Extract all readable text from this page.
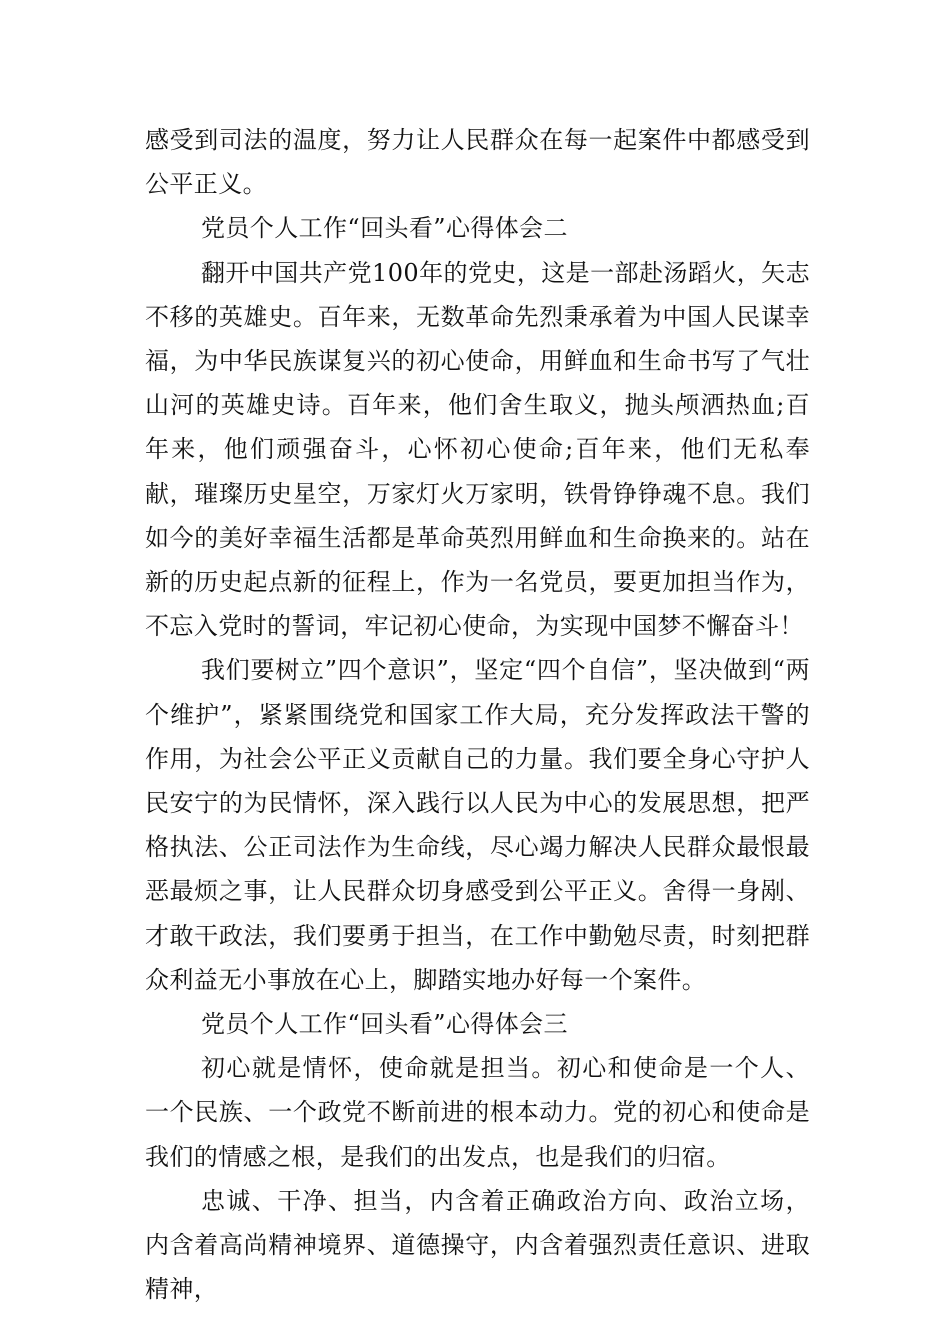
感受到司法的温度，努力让人民群众在每一起案件中都感受到公平正义。

党员个人工作“回头看”心得体会二

翻开中国共产党100年的党史，这是一部赴汤蹈火，矢志不移的英雄史。百年来，无数革命先烈秉承着为中国人民谋幸福，为中华民族谋复兴的初心使命，用鲜血和生命书写了气壮山河的英雄史诗。百年来，他们舍生取义，抛头颅洒热血;百年来，他们顽强奋斗，心怀初心使命;百年来，他们无私奉献，璀璨历史星空，万家灯火万家明，铁骨铮铮魂不息。我们如今的美好幸福生活都是革命英烈用鲜血和生命换来的。站在新的历史起点新的征程上，作为一名党员，要更加担当作为，不忘入党时的誓词，牢记初心使命，为实现中国梦不懈奋斗！

我们要树立”四个意识”，坚定“四个自信”，坚决做到“两个维护”，紧紧围绕党和国家工作大局，充分发挥政法干警的作用，为社会公平正义贡献自己的力量。我们要全身心守护人民安宁的为民情怀，深入践行以人民为中心的发展思想，把严格执法、公正司法作为生命线，尽心竭力解决人民群众最恨最恶最烦之事，让人民群众切身感受到公平正义。舍得一身剐、才敢干政法，我们要勇于担当，在工作中勤勉尽责，时刻把群众利益无小事放在心上，脚踏实地办好每一个案件。

党员个人工作“回头看”心得体会三

初心就是情怀，使命就是担当。初心和使命是一个人、一个民族、一个政党不断前进的根本动力。党的初心和使命是我们的情感之根，是我们的出发点，也是我们的归宿。

忠诚、干净、担当，内含着正确政治方向、政治立场，内含着高尚精神境界、道德操守，内含着强烈责任意识、进取精神，
